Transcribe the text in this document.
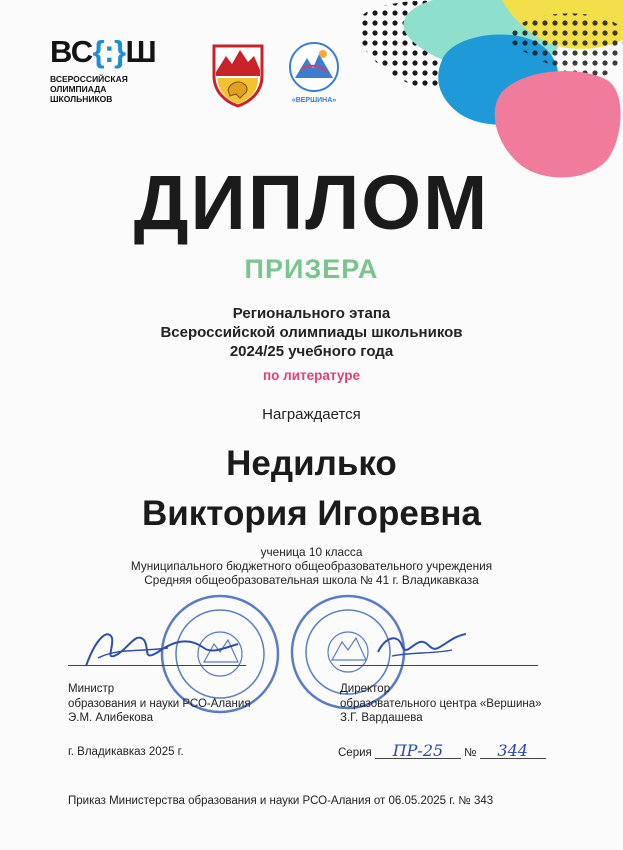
ВС{:}Ш
ВСЕРОССИЙСКАЯ
ОЛИМПИАДА
ШКОЛЬНИКОВ	«ВЕРШИНА»
ДИПЛОМ
ПРИЗЕРА
Регионального этапа
Всероссийской олимпиады школьников
2024/25 учебного года
по литературе
Награждается
Недилько
Виктория Игоревна
ученица 10 класса
Муниципального бюджетного общеобразовательного учреждения
Средняя общеобразовательная школа № 41 г. Владикавказа
Министр
образования и науки РСО-Алания
Э.М. Алибекова
Директор
образовательного центра «Вершина»
З.Г. Вардашева
г. Владикавказ 2025 г.	Серия ПР-25 № 344
Приказ Министерства образования и науки РСО-Алания от 06.05.2025 г. № 343
